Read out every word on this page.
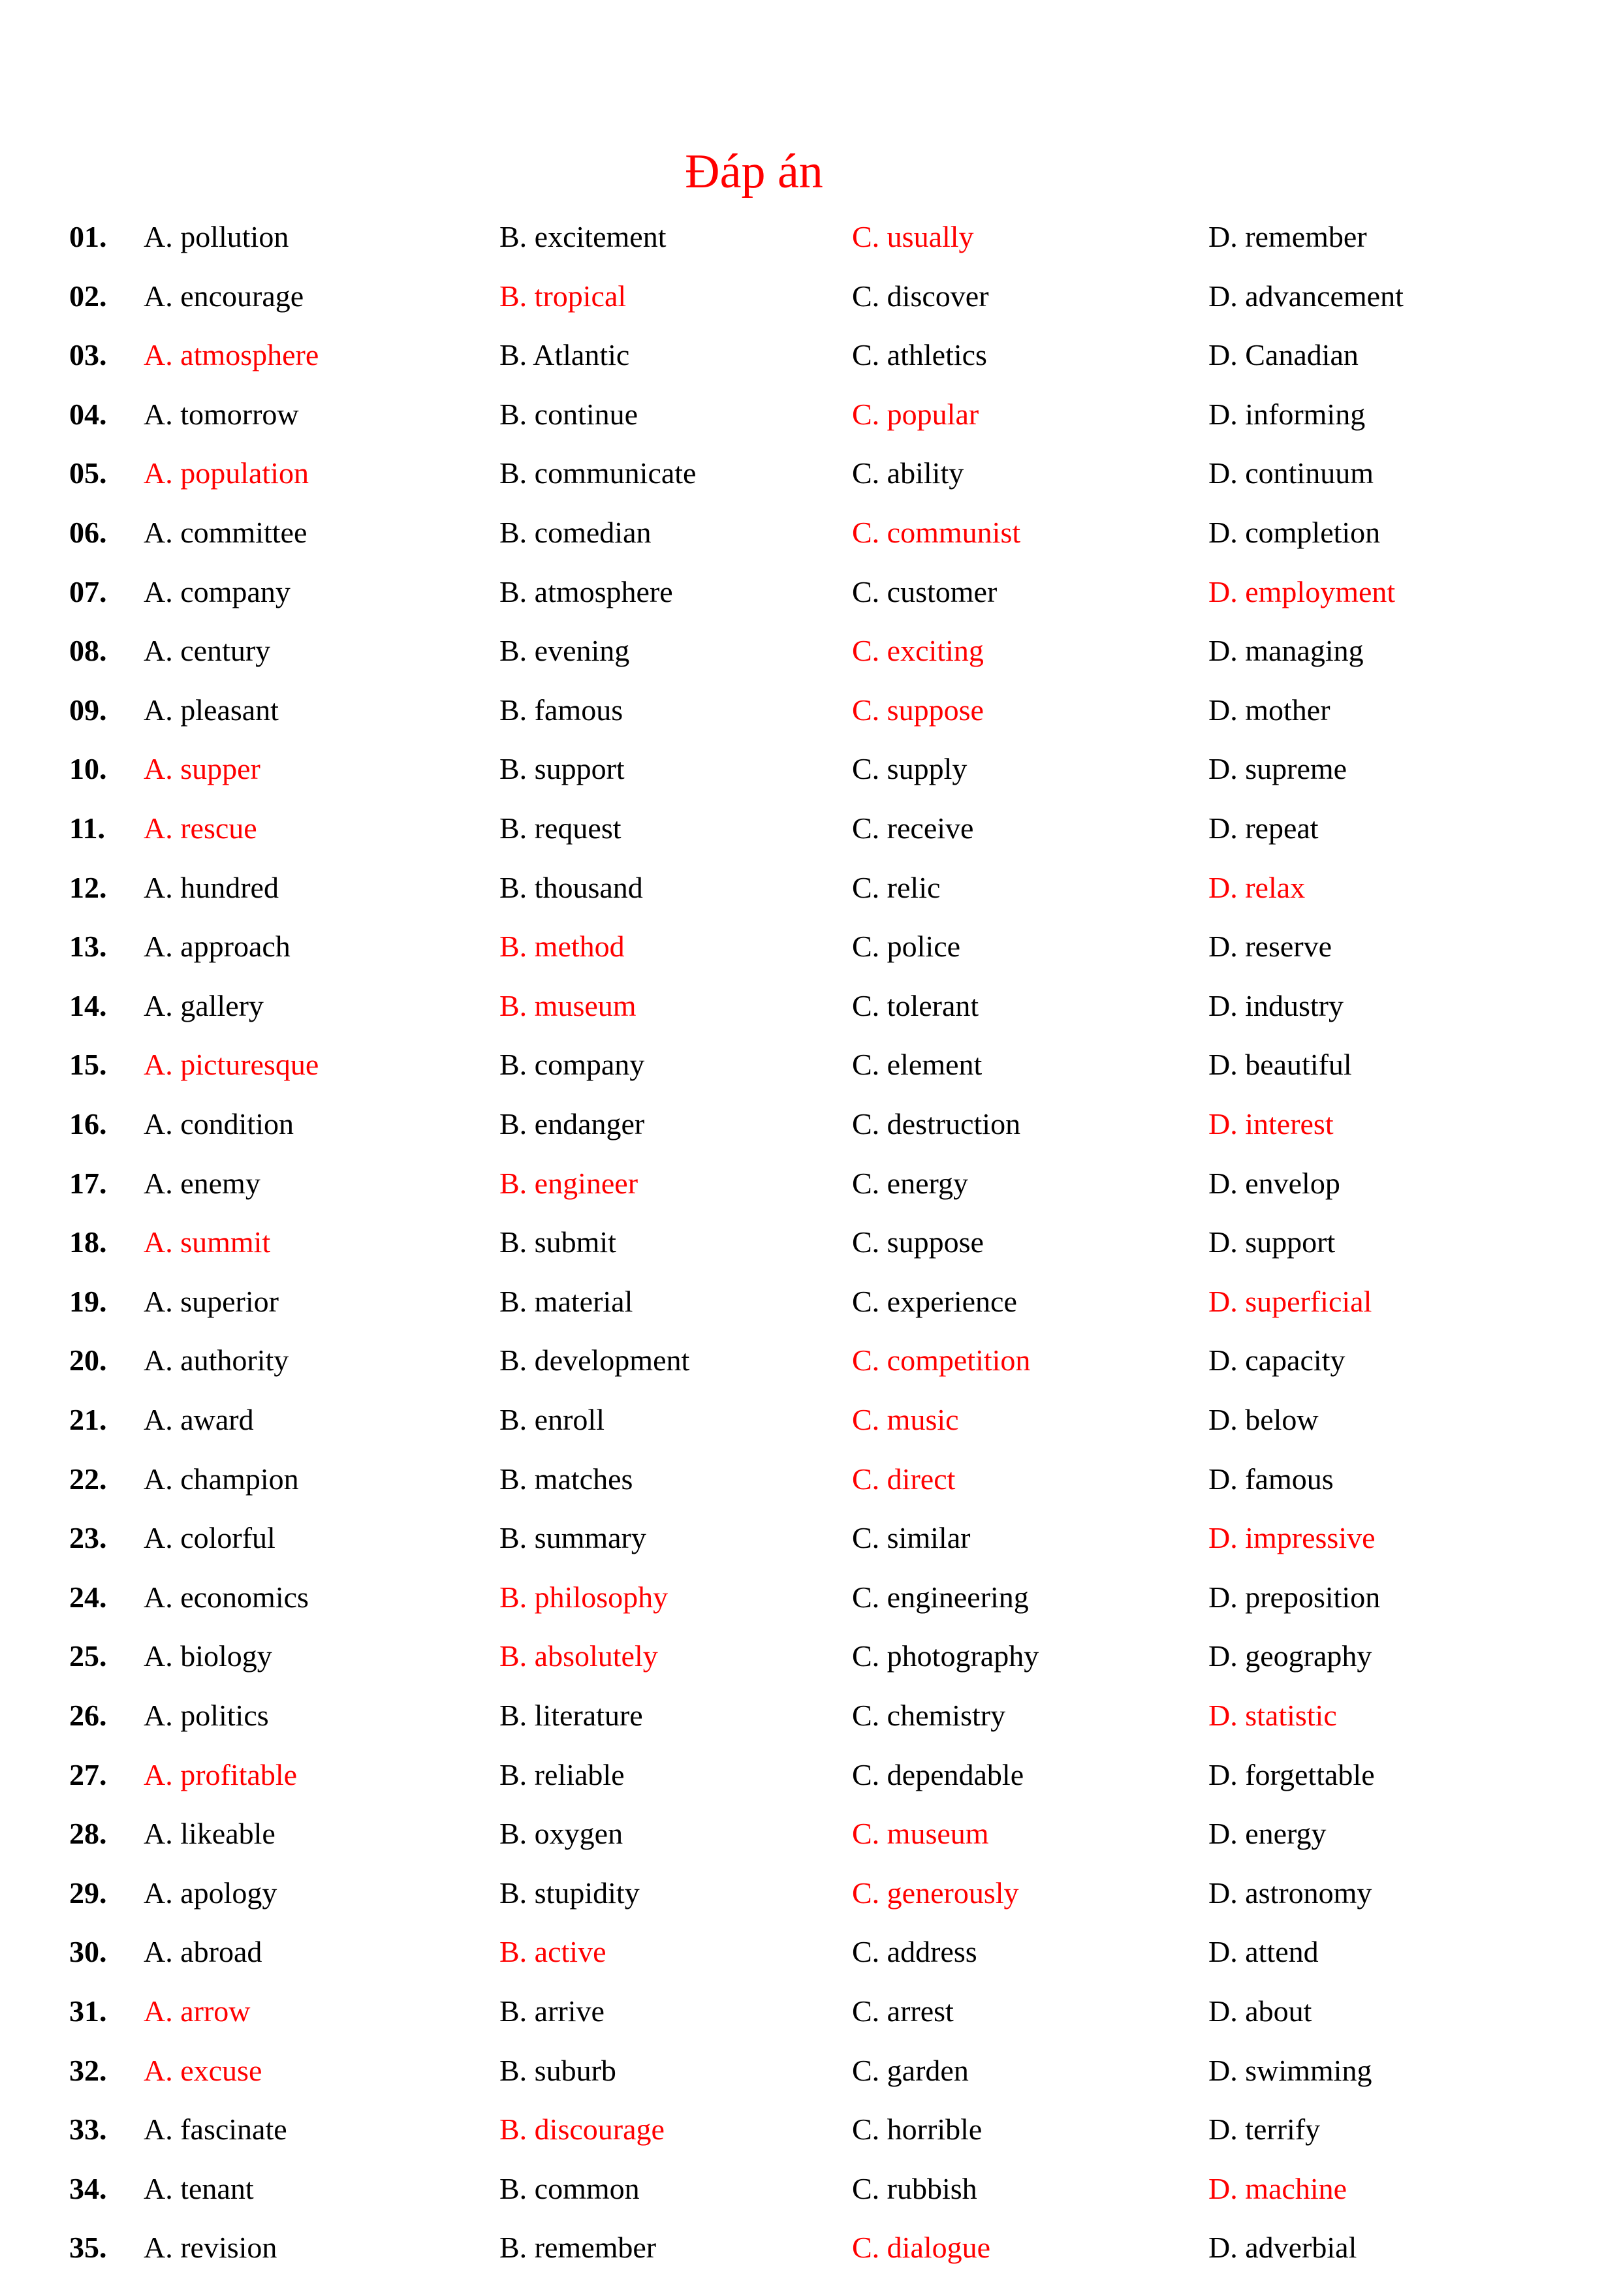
Đáp án
01. A. pollution	B. excitement	C. usually	D. remember
02. A. encourage	B. tropical	C. discover	D. advancement
03. A. atmosphere	B. Atlantic	C. athletics	D. Canadian
04. A. tomorrow	B. continue	C. popular	D. informing
05. A. population	B. communicate	C. ability	D. continuum
06. A. committee	B. comedian	C. communist	D. completion
07. A. company	B. atmosphere	C. customer	D. employment
08. A. century	B. evening	C. exciting	D. managing
09. A. pleasant	B. famous	C. suppose	D. mother
10. A. supper	B. support	C. supply	D. supreme
11. A. rescue	B. request	C. receive	D. repeat
12. A. hundred	B. thousand	C. relic	D. relax
13. A. approach	B. method	C. police	D. reserve
14. A. gallery	B. museum	C. tolerant	D. industry
15. A. picturesque	B. company	C. element	D. beautiful
16. A. condition	B. endanger	C. destruction	D. interest
17. A. enemy	B. engineer	C. energy	D. envelop
18. A. summit	B. submit	C. suppose	D. support
19. A. superior	B. material	C. experience	D. superficial
20. A. authority	B. development	C. competition	D. capacity
21. A. award	B. enroll	C. music	D. below
22. A. champion	B. matches	C. direct	D. famous
23. A. colorful	B. summary	C. similar	D. impressive
24. A. economics	B. philosophy	C. engineering	D. preposition
25. A. biology	B. absolutely	C. photography	D. geography
26. A. politics	B. literature	C. chemistry	D. statistic
27. A. profitable	B. reliable	C. dependable	D. forgettable
28. A. likeable	B. oxygen	C. museum	D. energy
29. A. apology	B. stupidity	C. generously	D. astronomy
30. A. abroad	B. active	C. address	D. attend
31. A. arrow	B. arrive	C. arrest	D. about
32. A. excuse	B. suburb	C. garden	D. swimming
33. A. fascinate	B. discourage	C. horrible	D. terrify
34. A. tenant	B. common	C. rubbish	D. machine
35. A. revision	B. remember	C. dialogue	D. adverbial
